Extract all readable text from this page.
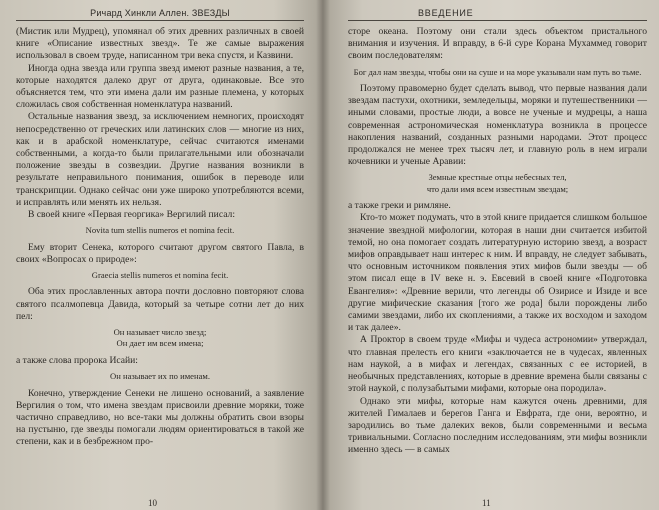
Ричард Хинкли Аллен. ЗВЕЗДЫ

(Мистик или Мудрец), упомянал об этих древних различных в своей книге «Описание известных звезд». Те же самые выражения использовал в своем труде, написанном три века спустя, и Казвини.

Иногда одна звезда или группа звезд имеют разные названия, а те, которые находятся далеко друг от друга, одинаковые. Все это объясняется тем, что эти имена дали им разные племена, у которых сложилась своя собственная номенклатура названий.

Остальные названия звезд, за исключением немногих, происходят непосредственно от греческих или латинских слов — многие из них, как и в арабской номенклатуре, сейчас считаются именами собственными, а когда-то были прилагательными или обозначали положение звезды в созвездии. Другие названия возникли в результате неправильного понимания, ошибок в переводе или транскрипции. Однако сейчас они уже широко употребляются всеми, и исправлять или менять их нельзя.

В своей книге «Первая георгика» Вергилий писал:

Novita tum stellis numeros et nomina fecit.

Ему вторит Сенека, которого считают другом святого Павла, в своих «Вопросах о природе»:

Graecia stellis numeros et nomina fecit.

Оба этих прославленных автора почти дословно повторяют слова святого псалмопевца Давида, который за четыре сотни лет до них пел:

Он называет число звезд;
Он дает им всем имена;

а также слова пророка Исайи:

Он называет их по именам.

Конечно, утверждение Сенеки не лишено оснований, а заявление Вергилия о том, что имена звездам присвоили древние моряки, тоже частично справедливо, но все-таки мы должны обратить свои взоры на пустыню, где звезды помогали людям ориентироваться в такой же степени, как и в безбрежном про-

10
ВВЕДЕНИЕ

сторе океана. Поэтому они стали здесь объектом пристального внимания и изучения. И вправду, в 6-й суре Корана Мухаммед говорит своим последователям:

Бог дал нам звезды, чтобы они на суше и на море указывали нам путь во тьме.

Поэтому правомерно будет сделать вывод, что первые названия дали звездам пастухи, охотники, земледельцы, моряки и путешественники — иными словами, простые люди, а вовсе не ученые и мудрецы, а наша современная астрономическая номенклатура возникла в процессе накопления названий, созданных разными народами. Этот процесс продолжался не менее трех тысяч лет, и главную роль в нем играли кочевники и ученые Аравии:

Земные крестные отцы небесных тел,
что дали имя всем известным звездам;

а также греки и римляне.

Кто-то может подумать, что в этой книге придается слишком большое значение звездной мифологии, которая в наши дни считается избитой темой, но она помогает создать литературную историю звезд, а возраст мифов оправдывает наш интерес к ним. И вправду, не следует забывать, что основным источником появления этих мифов были звезды — об этом писал еще в IV веке н. э. Евсевий в своей книге «Подготовка Евангелия»: «Древние верили, что легенды об Озирисе и Изиде и все другие мифические сказания [того же рода] были порождены либо самими звездами, либо их скоплениями, а также их восходом и заходом и так далее».

А Проктор в своем труде «Мифы и чудеса астрономии» утверждал, что главная прелесть его книги «заключается не в чудесах, явленных нам наукой, а в мифах и легендах, связанных с ее историей, в необычных представлениях, которые в древние времена были связаны с этой наукой, с полузабытыми мифами, которые она породила».

Однако эти мифы, которые нам кажутся очень древними, для жителей Гималаев и берегов Ганга и Евфрата, где они, вероятно, и зародились во тьме далеких веков, были современными и весьма тривиальными. Согласно последним исследованиям, эти мифы возникли именно здесь — в самых

11
